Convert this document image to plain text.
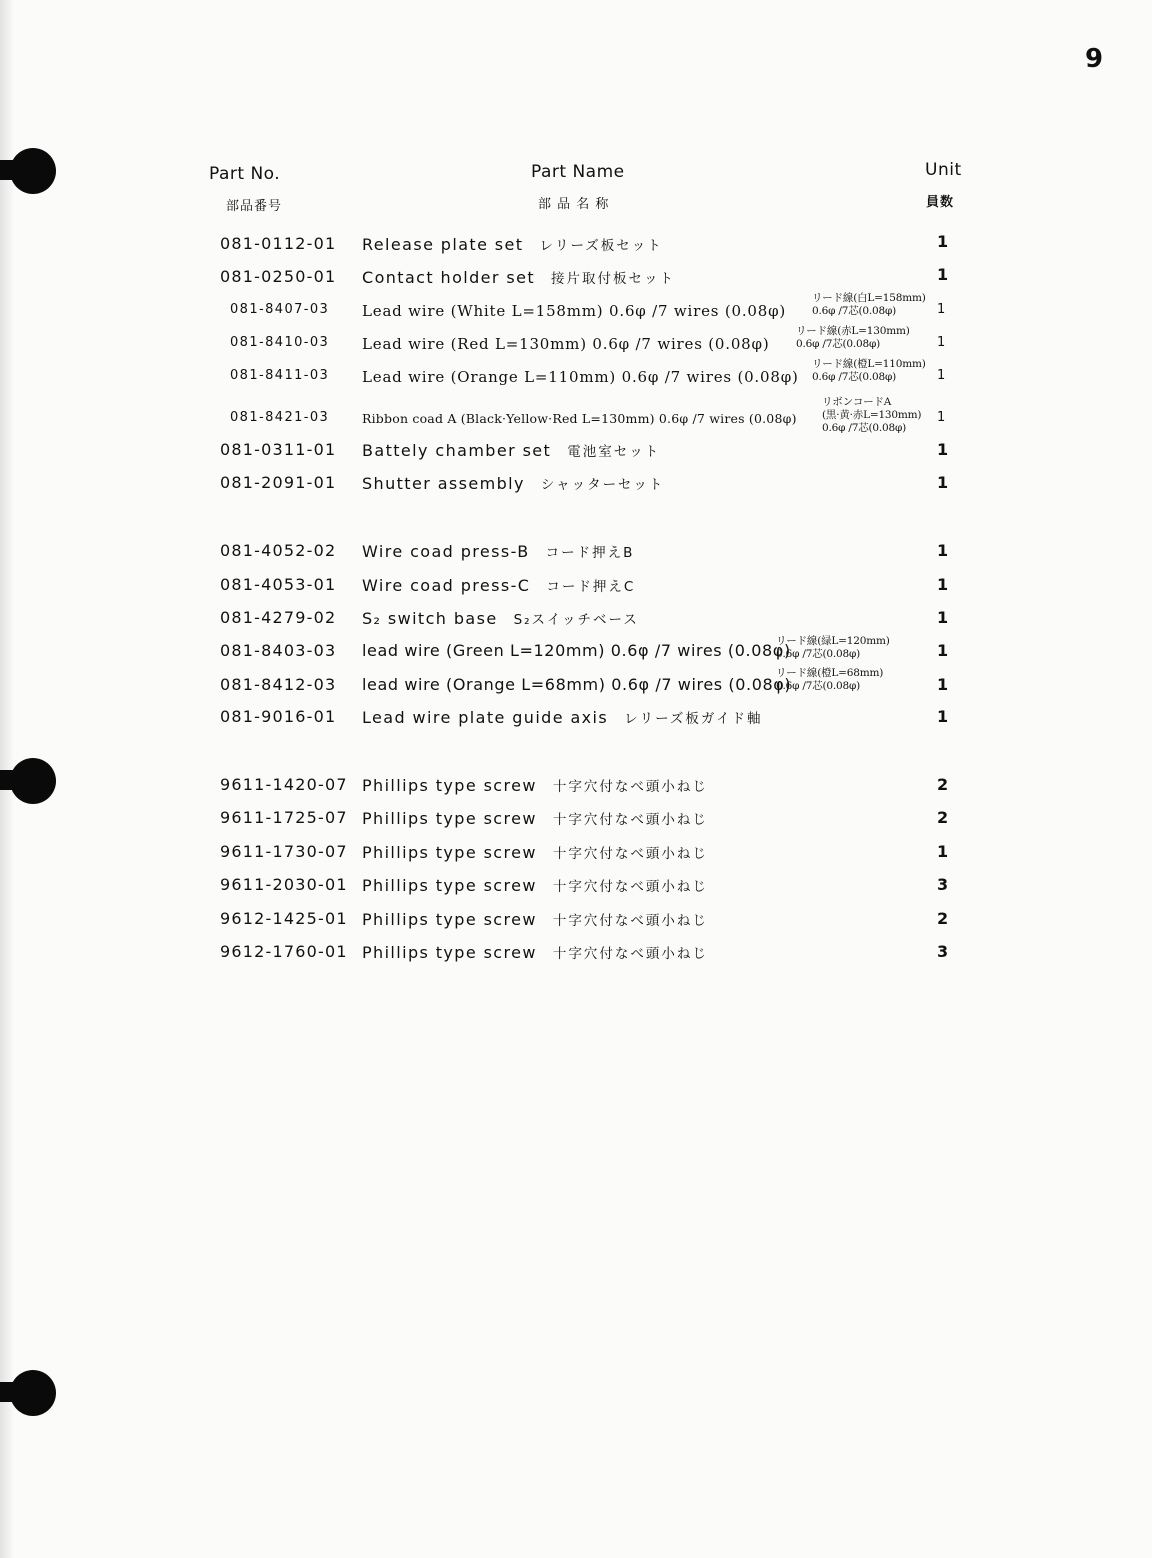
9
Part No.
部品番号
Part Name
部 品 名 称
Unit
員数
081-0112-01 Release plate set レリーズ板セット	1
081-0250-01 Contact holder set 接片取付板セット	1
081-8407-03 Lead wire (White L=158mm) 0.6φ /7 wires (0.08φ)
リード線(白L=158mm)
0.6φ /7芯(0.08φ)	1
081-8410-03 Lead wire (Red L=130mm) 0.6φ /7 wires (0.08φ)
リード線(赤L=130mm)
0.6φ /7芯(0.08φ)	1
081-8411-03 Lead wire (Orange L=110mm) 0.6φ /7 wires (0.08φ)
リード線(橙L=110mm)
0.6φ /7芯(0.08φ)	1
081-8421-03	Ribbon coad A (Black·Yellow·Red L=130mm) 0.6φ /7 wires (0.08φ)
リボンコードA
(黒·黄·赤L=130mm)
0.6φ /7芯(0.08φ)
1
081-0311-01 Battely chamber set 電池室セット	1
081-2091-01 Shutter assembly シャッターセット	1
081-4052-02 Wire coad press-B コード押えB	1
081-4053-01 Wire coad press-C コード押えC	1
081-4279-02 S₂ switch base S₂スイッチベース	1
081-8403-03 lead wire (Green L=120mm) 0.6φ /7 wires (0.08φ)
リード線(緑L=120mm)
0.6φ /7芯(0.08φ)	1
081-8412-03 lead wire (Orange L=68mm) 0.6φ /7 wires (0.08φ)
リード線(橙L=68mm)
0.6φ /7芯(0.08φ)	1
081-9016-01 Lead wire plate guide axis レリーズ板ガイド軸	1
9611-1420-07 Phillips type screw 十字穴付なべ頭小ねじ	2
9611-1725-07 Phillips type screw 十字穴付なべ頭小ねじ	2
9611-1730-07 Phillips type screw 十字穴付なべ頭小ねじ	1
9611-2030-01 Phillips type screw 十字穴付なべ頭小ねじ	3
9612-1425-01 Phillips type screw 十字穴付なべ頭小ねじ	2
9612-1760-01 Phillips type screw 十字穴付なべ頭小ねじ	3
